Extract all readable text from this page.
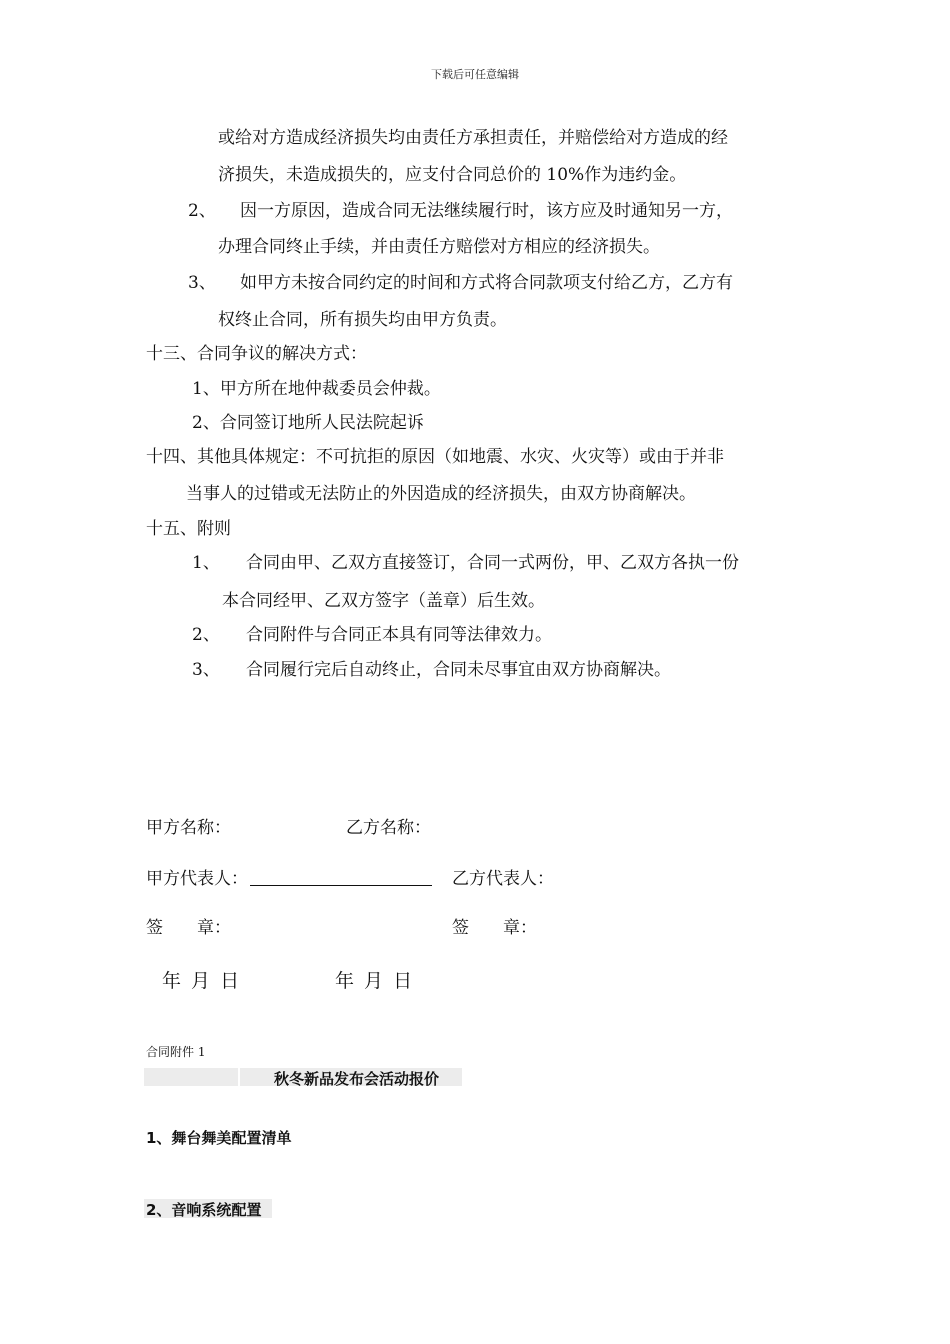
下载后可任意编辑
或给对方造成经济损失均由责任方承担责任，并赔偿给对方造成的经
济损失，未造成损失的，应支付合同总价的 10%作为违约金。
2、 因一方原因，造成合同无法继续履行时，该方应及时通知另一方，
办理合同终止手续，并由责任方赔偿对方相应的经济损失。
3、 如甲方未按合同约定的时间和方式将合同款项支付给乙方，乙方有
权终止合同，所有损失均由甲方负责。
十三、合同争议的解决方式：
1、甲方所在地仲裁委员会仲裁。
2、合同签订地所人民法院起诉
十四、其他具体规定：不可抗拒的原因（如地震、水灾、火灾等）或由于并非
当事人的过错或无法防止的外因造成的经济损失，由双方协商解决。
十五、附则
1、 合同由甲、乙双方直接签订，合同一式两份，甲、乙双方各执一份
本合同经甲、乙双方签字（盖章）后生效。
2、 合同附件与合同正本具有同等法律效力。
3、 合同履行完后自动终止，合同未尽事宜由双方协商解决。
甲方名称：	乙方名称：
甲方代表人：	乙方代表人：
签　　章：	签　　章：
年 月 日	年 月 日
合同附件 1
秋冬新品发布会活动报价
1、舞台舞美配置清单
2、音响系统配置
